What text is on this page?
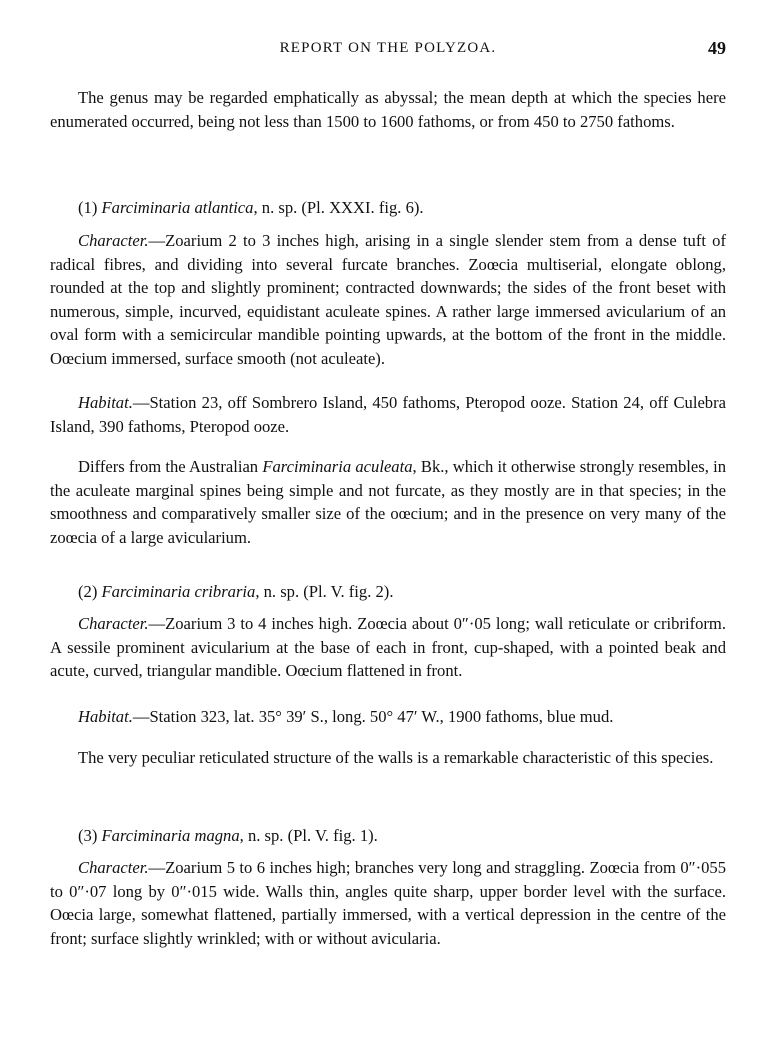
REPORT ON THE POLYZOA.	49

The genus may be regarded emphatically as abyssal; the mean depth at which the species here enumerated occurred, being not less than 1500 to 1600 fathoms, or from 450 to 2750 fathoms.

(1) Farciminaria atlantica, n. sp. (Pl. XXXI. fig. 6).

Character.—Zoarium 2 to 3 inches high, arising in a single slender stem from a dense tuft of radical fibres, and dividing into several furcate branches. Zoœcia multiserial, elongate oblong, rounded at the top and slightly prominent; contracted downwards; the sides of the front beset with numerous, simple, incurved, equidistant aculeate spines. A rather large immersed avicularium of an oval form with a semicircular mandible pointing upwards, at the bottom of the front in the middle. Oœcium immersed, surface smooth (not aculeate).

Habitat.—Station 23, off Sombrero Island, 450 fathoms, Pteropod ooze. Station 24, off Culebra Island, 390 fathoms, Pteropod ooze.

Differs from the Australian Farciminaria aculeata, Bk., which it otherwise strongly resembles, in the aculeate marginal spines being simple and not furcate, as they mostly are in that species; in the smoothness and comparatively smaller size of the oœcium; and in the presence on very many of the zoœcia of a large avicularium.

(2) Farciminaria cribraria, n. sp. (Pl. V. fig. 2).

Character.—Zoarium 3 to 4 inches high. Zoœcia about 0″·05 long; wall reticulate or cribriform. A sessile prominent avicularium at the base of each in front, cup-shaped, with a pointed beak and acute, curved, triangular mandible. Oœcium flattened in front.

Habitat.—Station 323, lat. 35° 39′ S., long. 50° 47′ W., 1900 fathoms, blue mud.

The very peculiar reticulated structure of the walls is a remarkable characteristic of this species.

(3) Farciminaria magna, n. sp. (Pl. V. fig. 1).

Character.—Zoarium 5 to 6 inches high; branches very long and straggling. Zoœcia from 0″·055 to 0″·07 long by 0″·015 wide. Walls thin, angles quite sharp, upper border level with the surface. Oœcia large, somewhat flattened, partially immersed, with a vertical depression in the centre of the front; surface slightly wrinkled; with or without avicularia.
